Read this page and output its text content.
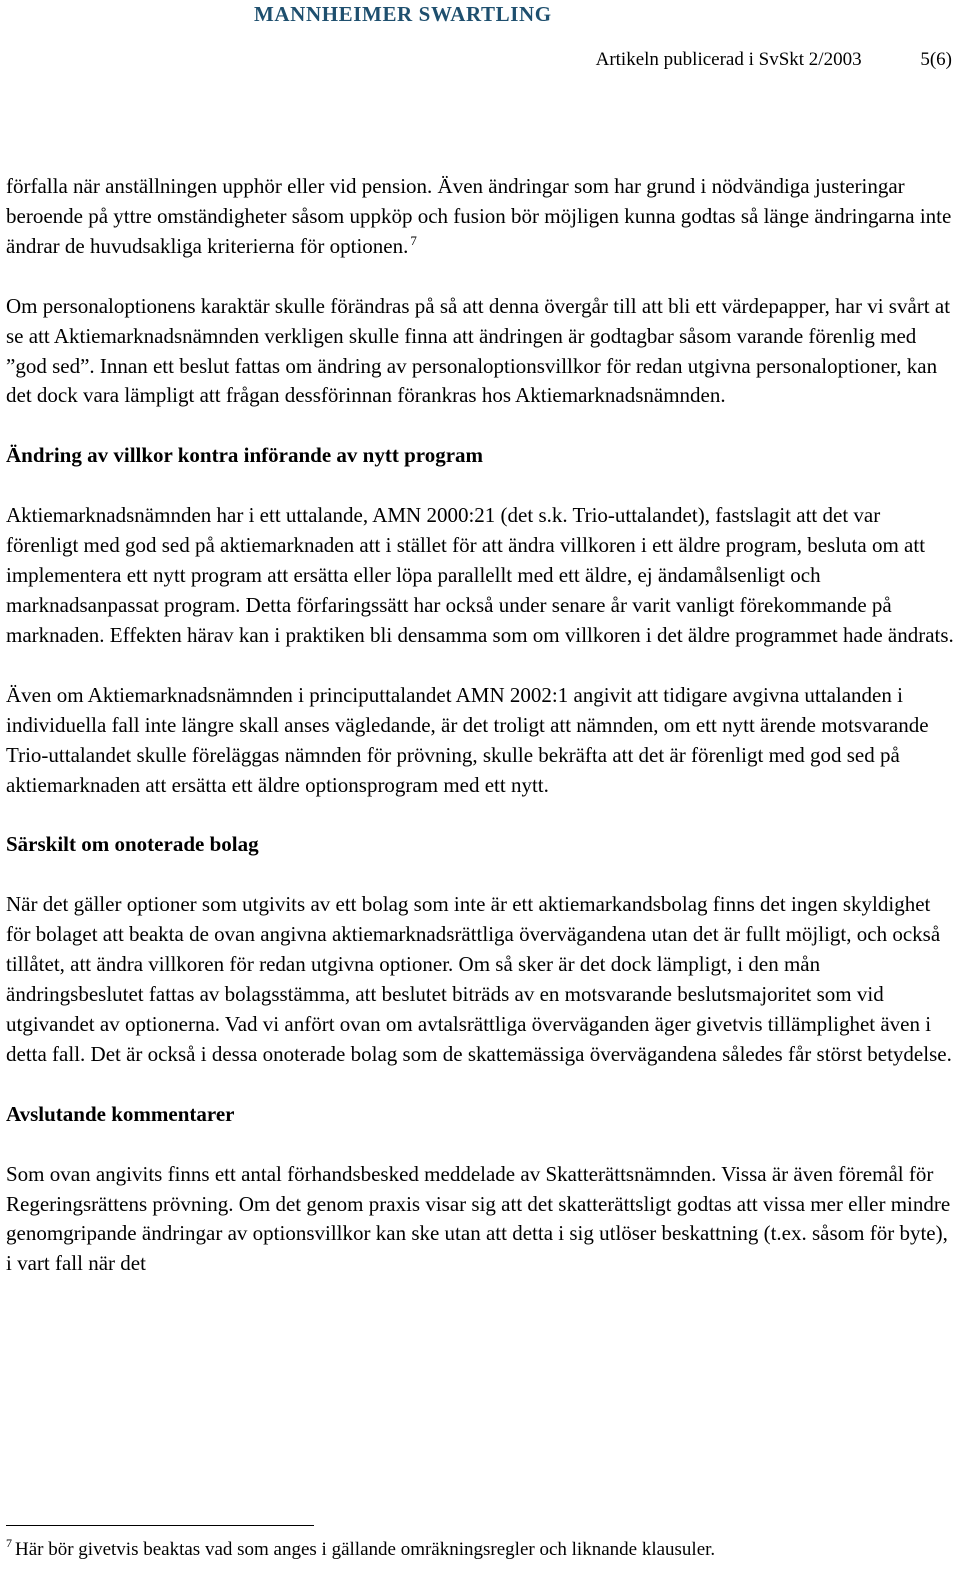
MANNHEIMER SWARTLING
Artikeln publicerad i SvSkt 2/2003	5(6)

förfalla när anställningen upphör eller vid pension. Även ändringar som har grund i nödvändiga justeringar beroende på yttre omständigheter såsom uppköp och fusion bör möjligen kunna godtas så länge ändringarna inte ändrar de huvudsakliga kriterierna för optionen. $^7$

Om personaloptionens karaktär skulle förändras på så att denna övergår till att bli ett värdepapper, har vi svårt at se att Aktiemarknadsnämnden verkligen skulle finna att ändringen är godtagbar såsom varande förenlig med ”god sed”. Innan ett beslut fattas om ändring av personaloptionsvillkor för redan utgivna personaloptioner, kan det dock vara lämpligt att frågan dessförinnan förankras hos Aktiemarknadsnämnden.

Ändring av villkor kontra införande av nytt program

Aktiemarknadsnämnden har i ett uttalande, AMN 2000:21 (det s.k. Trio-uttalandet), fastslagit att det var förenligt med god sed på aktiemarknaden att i stället för att ändra villkoren i ett äldre program, besluta om att implementera ett nytt program att ersätta eller löpa parallellt med ett äldre, ej ändamålsenligt och marknadsanpassat program. Detta förfaringssätt har också under senare år varit vanligt förekommande på marknaden. Effekten härav kan i praktiken bli densamma som om villkoren i det äldre programmet hade ändrats.

Även om Aktiemarknadsnämnden i principuttalandet AMN 2002:1 angivit att tidigare avgivna uttalanden i individuella fall inte längre skall anses vägledande, är det troligt att nämnden, om ett nytt ärende motsvarande Trio-uttalandet skulle föreläggas nämnden för prövning, skulle bekräfta att det är förenligt med god sed på aktiemarknaden att ersätta ett äldre optionsprogram med ett nytt.

Särskilt om onoterade bolag

När det gäller optioner som utgivits av ett bolag som inte är ett aktiemarkandsbolag finns det ingen skyldighet för bolaget att beakta de ovan angivna aktiemarknadsrättliga övervägandena utan det är fullt möjligt, och också tillåtet, att ändra villkoren för redan utgivna optioner. Om så sker är det dock lämpligt, i den mån ändringsbeslutet fattas av bolagsstämma, att beslutet biträds av en motsvarande beslutsmajoritet som vid utgivandet av optionerna. Vad vi anfört ovan om avtalsrättliga överväganden äger givetvis tillämplighet även i detta fall. Det är också i dessa onoterade bolag som de skattemässiga övervägandena således får störst betydelse.

Avslutande kommentarer

Som ovan angivits finns ett antal förhandsbesked meddelade av Skatterättsnämnden. Vissa är även föremål för Regeringsrättens prövning. Om det genom praxis visar sig att det skatterättsligt godtas att vissa mer eller mindre genomgripande ändringar av optionsvillkor kan ske utan att detta i sig utlöser beskattning (t.ex. såsom för byte), i vart fall när det

$^7$ Här bör givetvis beaktas vad som anges i gällande omräkningsregler och liknande klausuler.
